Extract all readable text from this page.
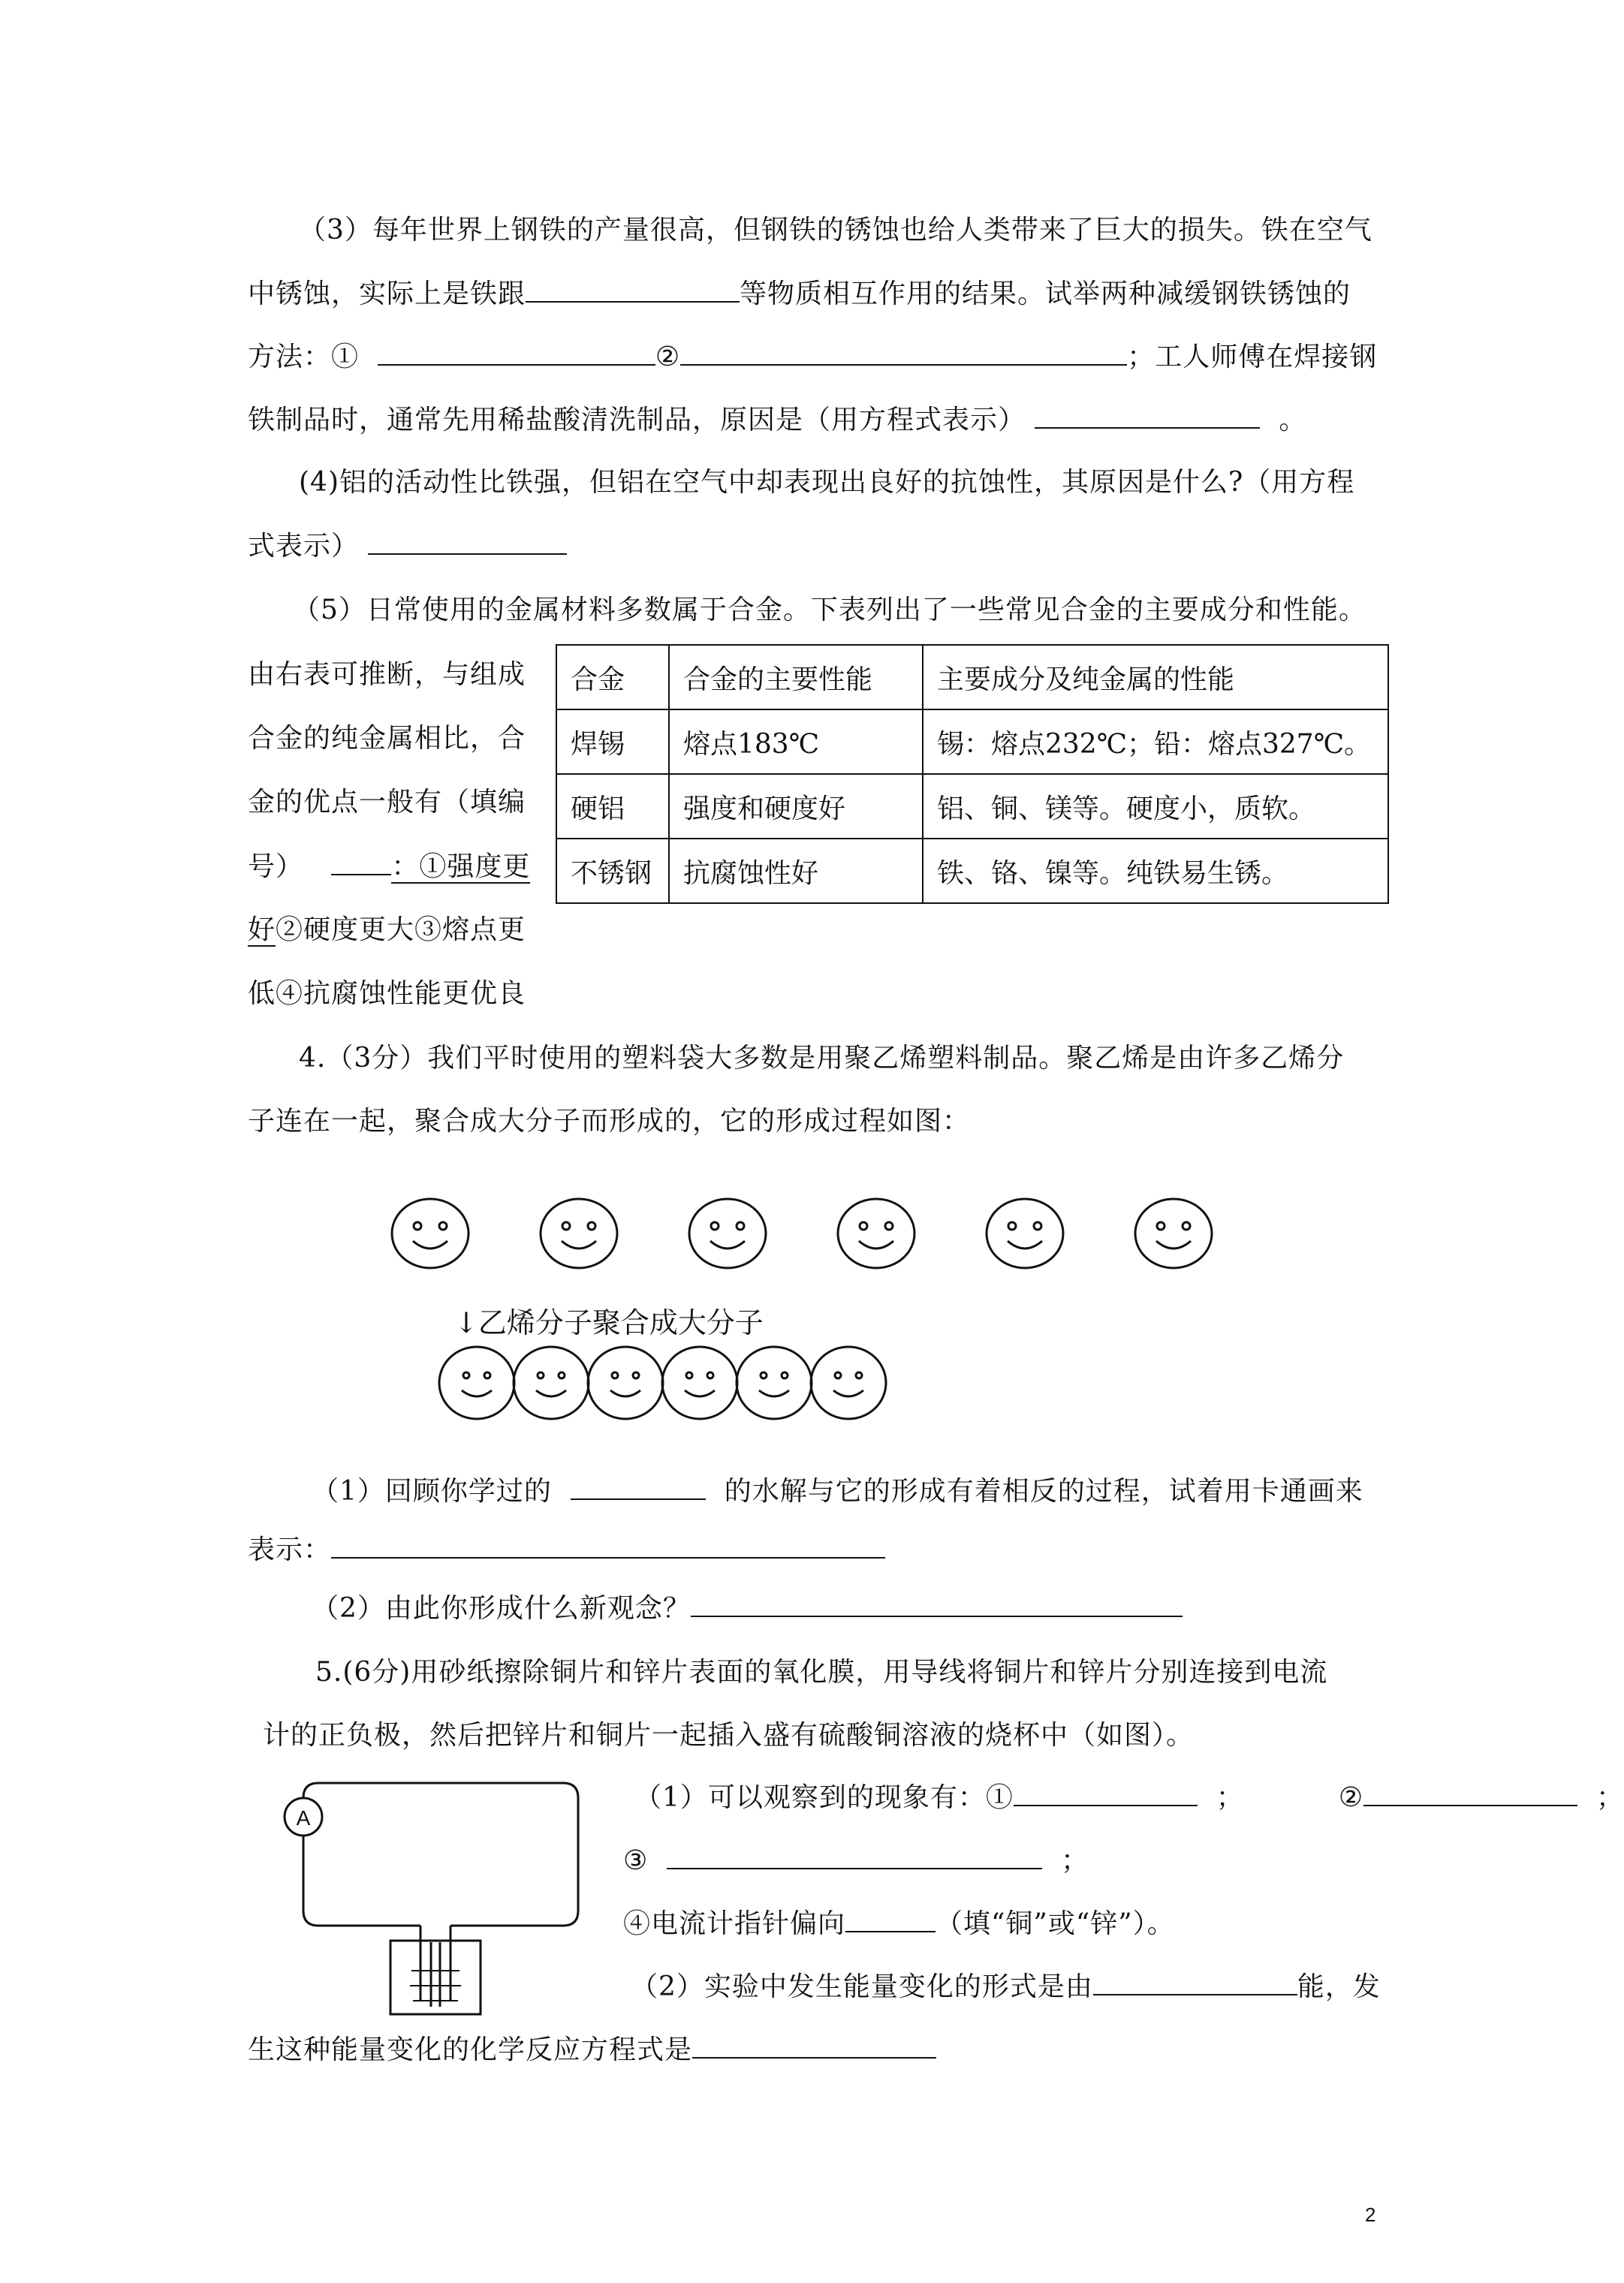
（3）每年世界上钢铁的产量很高，但钢铁的锈蚀也给人类带来了巨大的损失。铁在空气
中锈蚀，实际上是铁跟	等物质相互作用的结果。试举两种减缓钢铁锈蚀的
方法：①	②	；工人师傅在焊接钢
铁制品时，通常先用稀盐酸清洗制品，原因是（用方程式表示）	。
(4)铝的活动性比铁强，但铝在空气中却表现出良好的抗蚀性，其原因是什么?（用方程
式表示）
（5）日常使用的金属材料多数属于合金。下表列出了一些常见合金的主要成分和性能。
由右表可推断，与组成
合金的纯金属相比，合
金的优点一般有（填编
号）	：①强度更
好②硬度更大③熔点更
低④抗腐蚀性能更优良
合金	合金的主要性能	主要成分及纯金属的性能
焊锡	熔点183℃	锡：熔点232℃；铅：熔点327℃。
硬铝	强度和硬度好	铝、铜、镁等。硬度小，质软。
不锈钢	抗腐蚀性好	铁、铬、镍等。纯铁易生锈。
4.（3分）我们平时使用的塑料袋大多数是用聚乙烯塑料制品。聚乙烯是由许多乙烯分
子连在一起，聚合成大分子而形成的，它的形成过程如图：
↓乙烯分子聚合成大分子
（1）回顾你学过的	的水解与它的形成有着相反的过程，试着用卡通画来
表示：
（2）由此你形成什么新观念？
5.(6分)用砂纸擦除铜片和锌片表面的氧化膜，用导线将铜片和锌片分别连接到电流
计的正负极，然后把锌片和铜片一起插入盛有硫酸铜溶液的烧杯中（如图）。
A
（1）可以观察到的现象有：①	；	②	；
③	；
④电流计指针偏向	（填“铜”或“锌”）。
（2）实验中发生能量变化的形式是由	能，发
生这种能量变化的化学反应方程式是
2
